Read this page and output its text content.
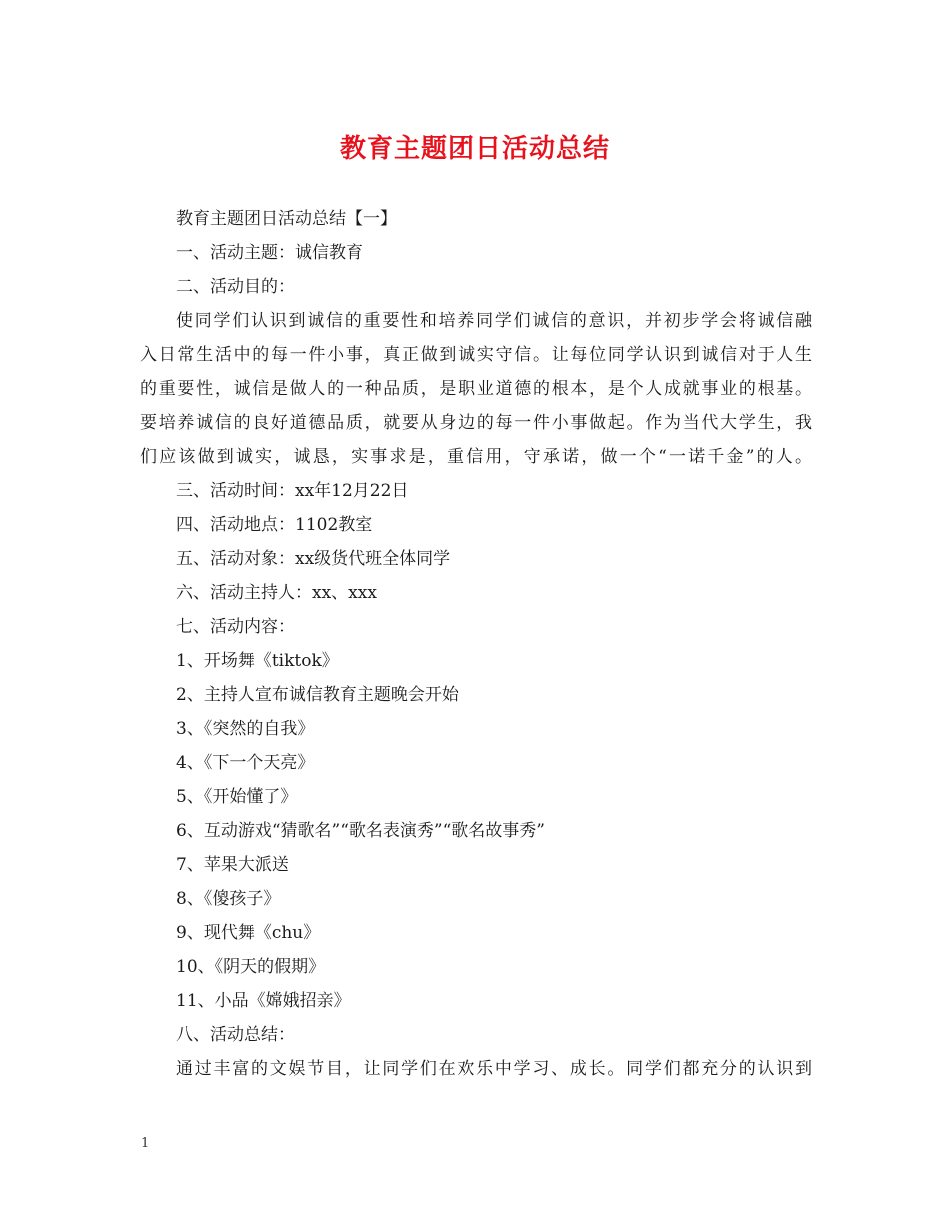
教育主题团日活动总结
教育主题团日活动总结【一】
一、活动主题：诚信教育
二、活动目的：
使同学们认识到诚信的重要性和培养同学们诚信的意识，并初步学会将诚信融
入日常生活中的每一件小事，真正做到诚实守信。让每位同学认识到诚信对于人生
的重要性，诚信是做人的一种品质，是职业道德的根本，是个人成就事业的根基。
要培养诚信的良好道德品质，就要从身边的每一件小事做起。作为当代大学生，我
们应该做到诚实，诚恳，实事求是，重信用，守承诺，做一个“一诺千金”的人。
三、活动时间：xx年12月22日
四、活动地点：1102教室
五、活动对象：xx级货代班全体同学
六、活动主持人：xx、xxx
七、活动内容：
1、开场舞《tiktok》
2、主持人宣布诚信教育主题晚会开始
3、《突然的自我》
4、《下一个天亮》
5、《开始懂了》
6、互动游戏“猜歌名”“歌名表演秀”“歌名故事秀”
7、苹果大派送
8、《傻孩子》
9、现代舞《chu》
10、《阴天的假期》
11、小品《嫦娥招亲》
八、活动总结：
通过丰富的文娱节目，让同学们在欢乐中学习、成长。同学们都充分的认识到
1
